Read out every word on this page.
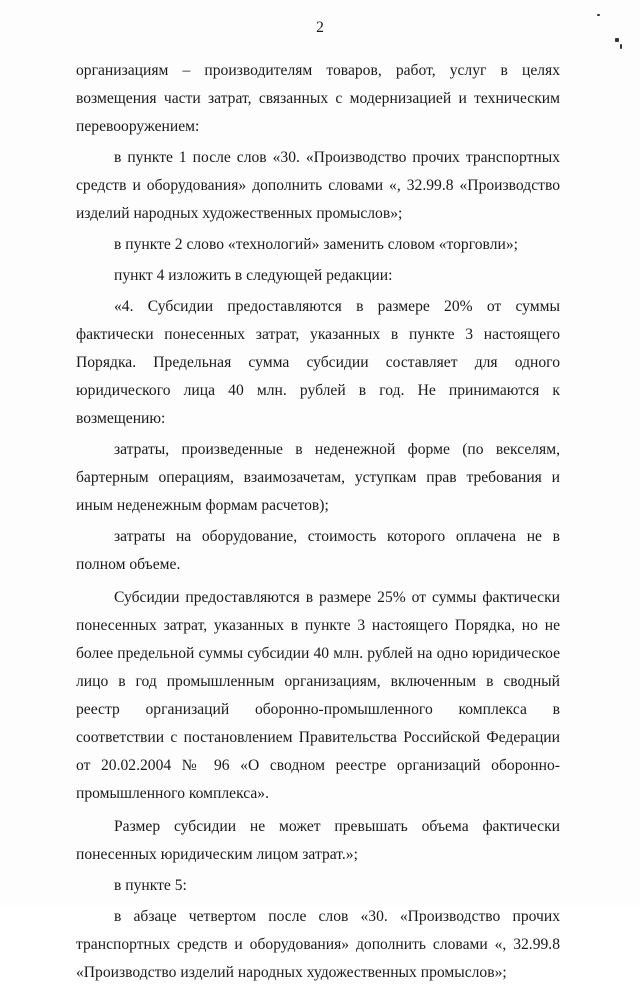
2

организациям – производителям товаров, работ, услуг в целях возмещения части затрат, связанных с модернизацией и техническим перевооружением:

в пункте 1 после слов «30. «Производство прочих транспортных средств и оборудования» дополнить словами «, 32.99.8 «Производство изделий народных художественных промыслов»;

в пункте 2 слово «технологий» заменить словом «торговли»;

пункт 4 изложить в следующей редакции:

«4. Субсидии предоставляются в размере 20% от суммы фактически понесенных затрат, указанных в пункте 3 настоящего Порядка. Предельная сумма субсидии составляет для одного юридического лица 40 млн. рублей в год. Не принимаются к возмещению:

затраты, произведенные в неденежной форме (по векселям, бартерным операциям, взаимозачетам, уступкам прав требования и иным неденежным формам расчетов);

затраты на оборудование, стоимость которого оплачена не в полном объеме.

Субсидии предоставляются в размере 25% от суммы фактически понесенных затрат, указанных в пункте 3 настоящего Порядка, но не более предельной суммы субсидии 40 млн. рублей на одно юридическое лицо в год промышленным организациям, включенным в сводный реестр организаций оборонно-промышленного комплекса в соответствии с постановлением Правительства Российской Федерации от 20.02.2004 № 96 «О сводном реестре организаций оборонно-промышленного комплекса».

Размер субсидии не может превышать объема фактически понесенных юридическим лицом затрат.»;

в пункте 5:

в абзаце четвертом после слов «30. «Производство прочих транспортных средств и оборудования» дополнить словами «, 32.99.8 «Производство изделий народных художественных промыслов»;
